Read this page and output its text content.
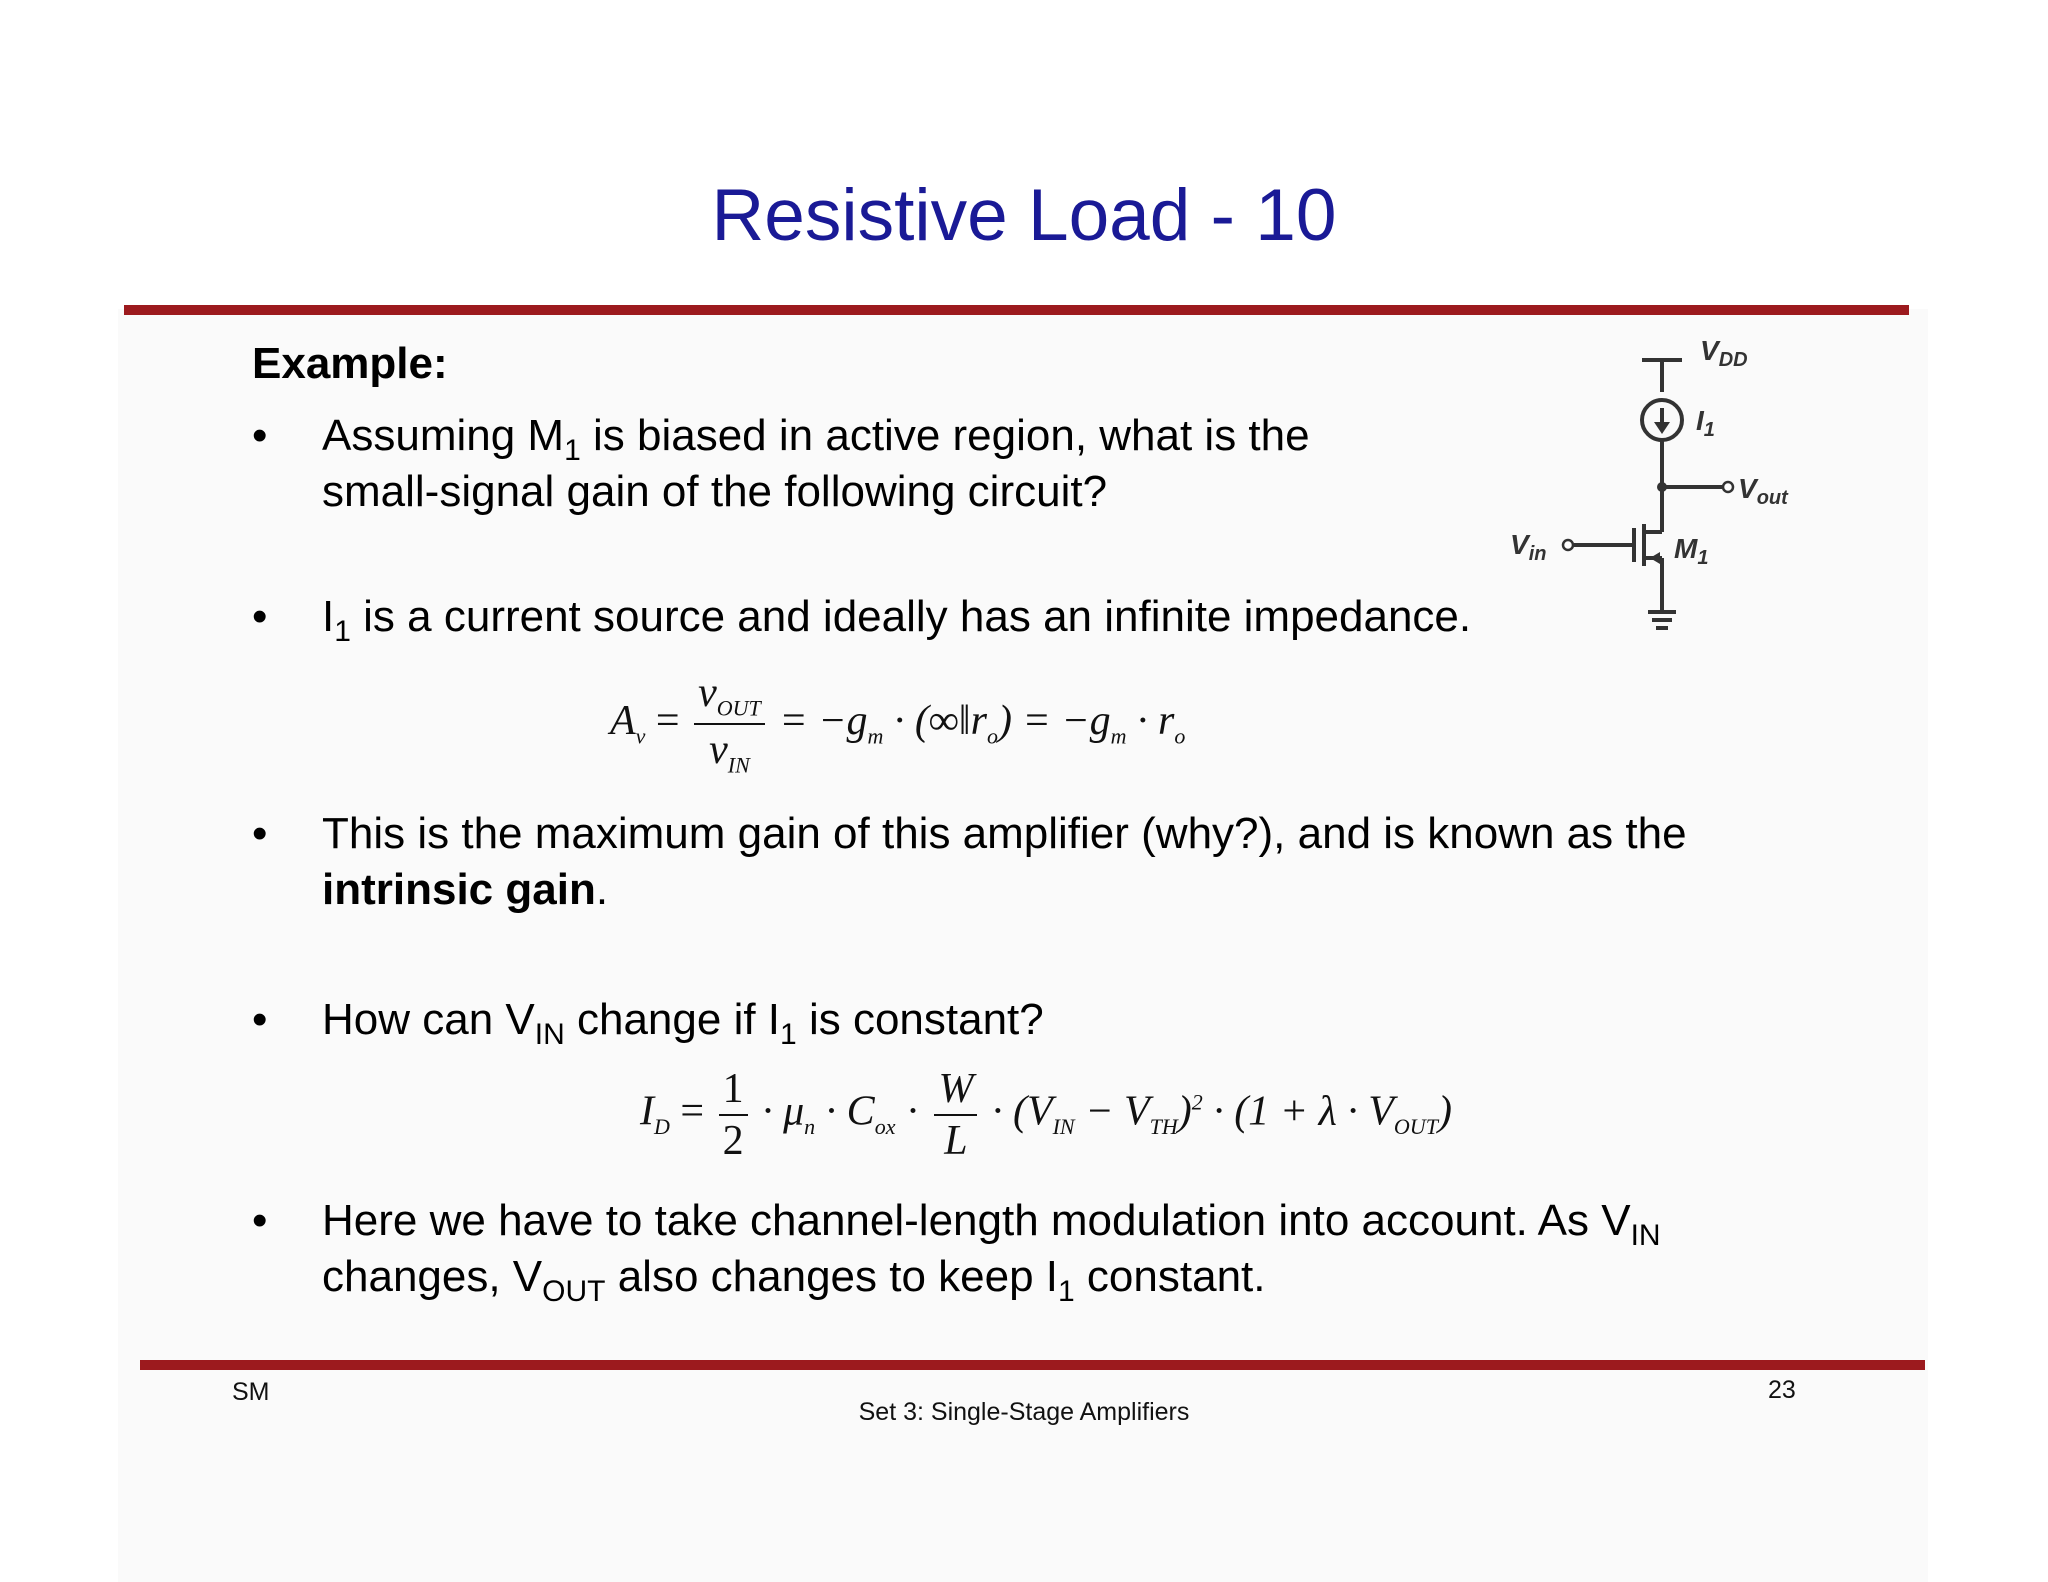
Resistive Load - 10
Example:
• Assuming $M_1$ is biased in active region, what is the
small-signal gain of the following circuit?
• $I_1$ is a current source and ideally has an infinite impedance.
$A_v = \frac{v_{OUT}}{v_{IN}} = -g_m$ · $(\infty‖r_o) = -g_m \cdot r_o$
• This is the maximum gain of this amplifier (why?), and is known as the
intrinsic gain.
• How can $V_{IN}$ change if $I_1$ is constant?
$I_D = \frac{1}{2} \cdot \mu_n \cdot C_{ox} \cdot \frac{W}{L} \cdot (V_{IN} - V_{TH})^2 \cdot (1 + \lambda \cdot V_{OUT})$
• Here we have to take channel-length modulation into account. As $V_{IN}$
changes, $V_{OUT}$ also changes to keep $I_1$ constant.
$V_{DD}$
$I_1$
$V_{out}$
$V_{in}$	$M_1$
SM
Set 3: Single-Stage Amplifiers
23
